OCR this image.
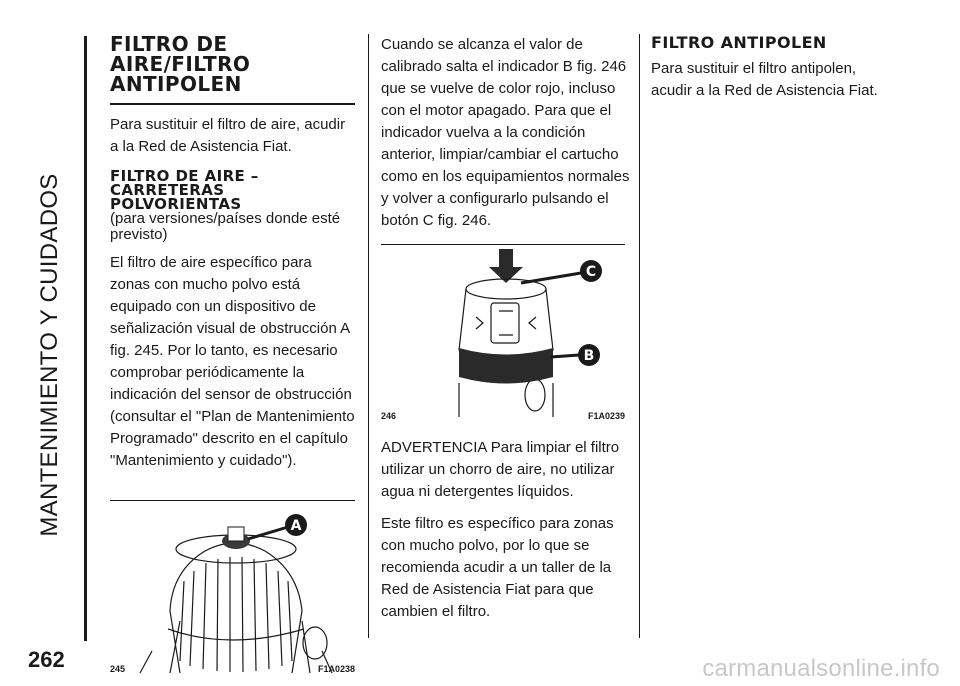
MANTENIMIENTO Y CUIDADOS
262
FILTRO DE AIRE/FILTRO ANTIPOLEN

Para sustituir el filtro de aire, acudir a la Red de Asistencia Fiat.

FILTRO DE AIRE – CARRETERAS POLVORIENTAS

(para versiones/países donde esté previsto)

El filtro de aire específico para zonas con mucho polvo está equipado con un dispositivo de señalización visual de obstrucción A fig. 245. Por lo tanto, es necesario comprobar periódicamente la indicación del sensor de obstrucción (consultar el "Plan de Mantenimiento Programado" descrito en el capítulo "Mantenimiento y cuidado").

A
245	F1A0238

Cuando se alcanza el valor de calibrado salta el indicador B fig. 246 que se vuelve de color rojo, incluso con el motor apagado. Para que el indicador vuelva a la condición anterior, limpiar/cambiar el cartucho como en los equipamientos normales y volver a configurarlo pulsando el botón C fig. 246.

C
B
246	F1A0239

ADVERTENCIA Para limpiar el filtro utilizar un chorro de aire, no utilizar agua ni detergentes líquidos.

Este filtro es específico para zonas con mucho polvo, por lo que se recomienda acudir a un taller de la Red de Asistencia Fiat para que cambien el filtro.

FILTRO ANTIPOLEN

Para sustituir el filtro antipolen, acudir a la Red de Asistencia Fiat.

carmanualsonline.info
